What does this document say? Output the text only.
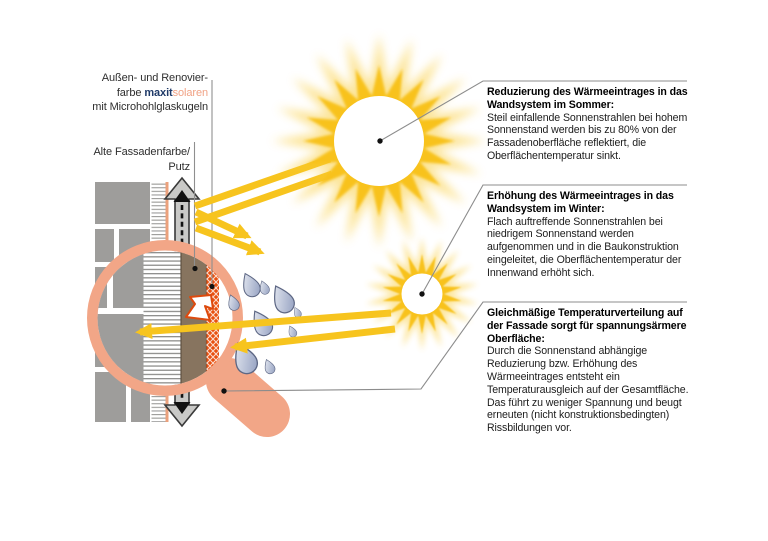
Außen- und Renovier-
farbe maxitsolaren
mit Microhohlglaskugeln
Alte Fassadenfarbe/
Putz
Reduzierung des Wärmeeintrages in das Wandsystem im Sommer:
Steil einfallende Sonnenstrahlen bei hohem Sonnenstand werden bis zu 80% von der Fassadenoberfläche reflektiert, die Oberflächentemperatur sinkt.
Erhöhung des Wärmeeintrages in das Wandsystem im Winter:
Flach auftreffende Sonnenstrahlen bei niedrigem Sonnenstand werden aufgenommen und in die Baukonstruktion eingeleitet, die Oberflächentemperatur der Innenwand erhöht sich.
Gleichmäßige Temperaturverteilung auf der Fassade sorgt für spannungsärmere Oberfläche:
Durch die Sonnenstand abhängige Reduzierung bzw. Erhöhung des Wärmeeintrages entsteht ein Temperaturausgleich auf der Gesamtfläche. Das führt zu weniger Spannung und beugt erneuten (nicht konstruktionsbedingten) Rissbildungen vor.
